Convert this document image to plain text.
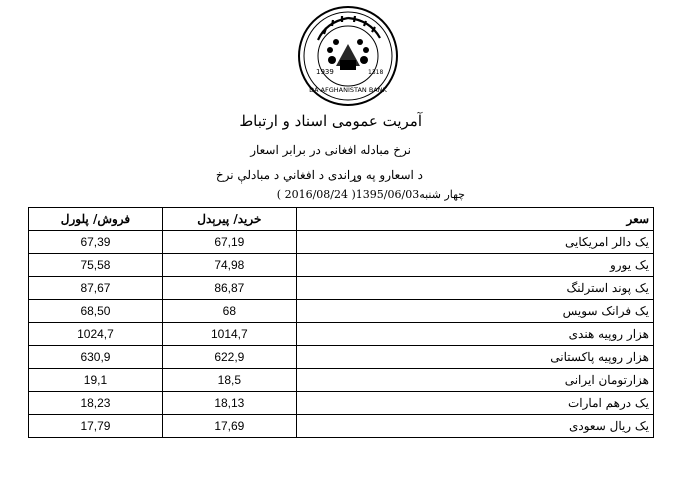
1939	1318
DA AFGHANISTAN BANK
آمریت عمومی اسناد و ارتباط
نرخ مبادله افغانی در برابر اسعار
د اسعارو په وړاندی د افغاني د مبادلې نرخ
چهار شنبه1395/06/03( 2016/08/24 )
سعر	خرید/ پیرېدل	فروش/ پلورل
یک دالر امریکایی	67,19	67,39
یک یورو	74,98	75,58
یک پوند استرلنگ	86,87	87,67
یک فرانک سویس	68	68,50
هزار روپیه هندی	1014,7	1024,7
هزار روپیه پاکستانی	622,9	630,9
هزارتومان ایرانی	18,5	19,1
یک درهم امارات	18,13	18,23
یک ریال سعودی	17,69	17,79
